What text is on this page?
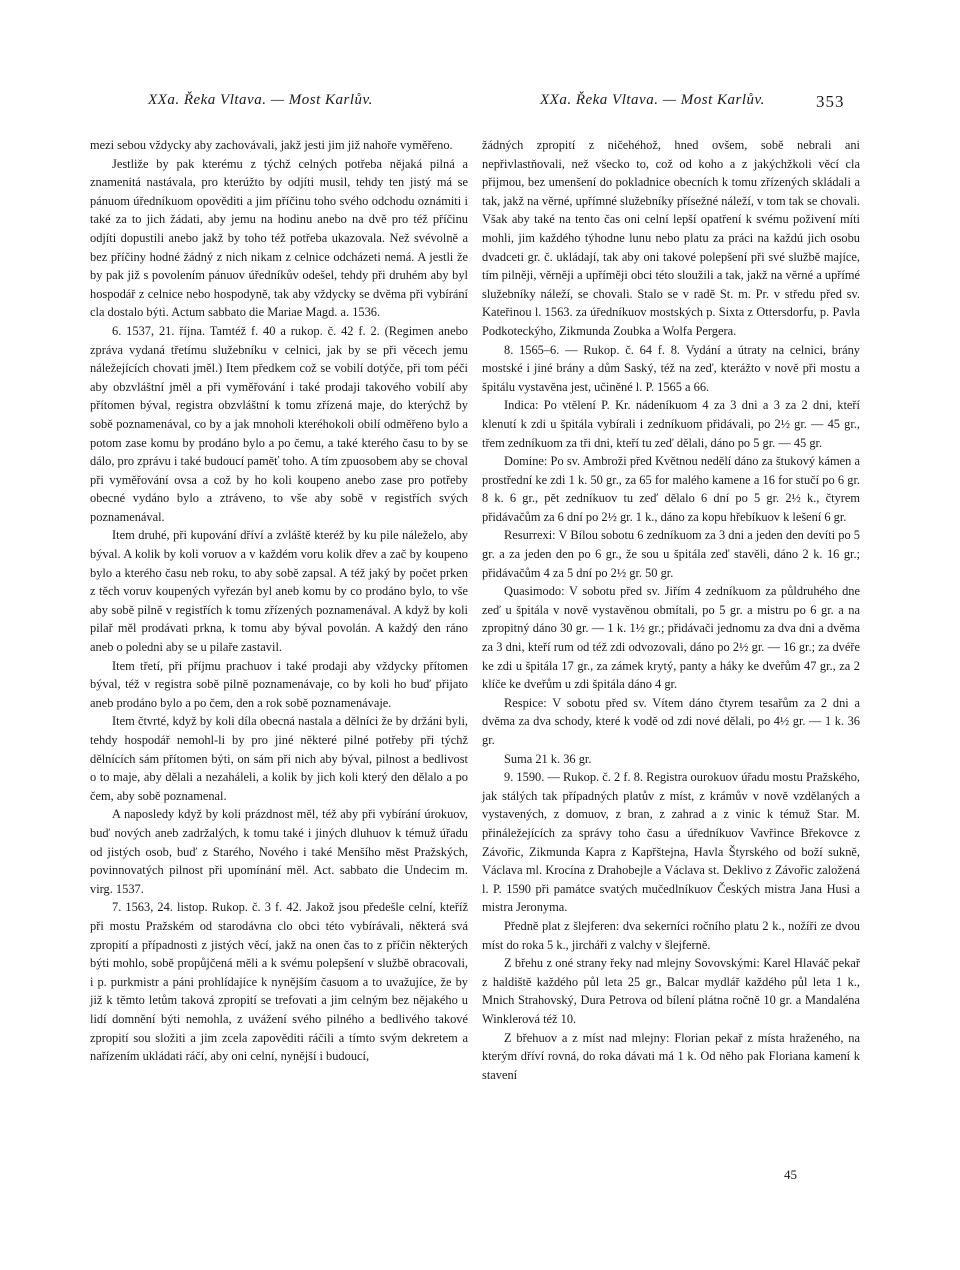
XXa. Řeka Vltava. — Most Karlův.	XXa. Řeka Vltava. — Most Karlův.	353

mezi sebou vždycky aby zachovávali, jakž jesti jim již nahoře vyměřeno.

Jestliže by pak kterému z týchž celných potřeba nějaká pilná a znamenitá nastávala, pro kterúžto by odjíti musil, tehdy ten jistý má se pánuom úředníkuom opověditi a jim příčinu toho svého odchodu oznámiti i také za to jich žádati, aby jemu na hodinu anebo na dvě pro též příčinu odjíti dopustili anebo jakž by toho též potřeba ukazovala. Než svévolně a bez příčiny hodné žádný z nich nikam z celnice odcházeti nemá. A jestli že by pak již s povolením pánuov úředníkův odešel, tehdy při druhém aby byl hospodář z celnice nebo hospodyně, tak aby vždycky se dvěma při vybírání cla dostalo býti. Actum sabbato die Mariae Magd. a. 1536.

6. 1537, 21. října. Tamtéž f. 40 a rukop. č. 42 f. 2. (Regimen anebo zpráva vydaná třetímu služebníku v celnici, jak by se při věcech jemu náležejících chovati jměl.) Item předkem což se vobilí dotýče, při tom péči aby obzvláštní jměl a při vyměřování i také prodaji takového vobilí aby přítomen býval, registra obzvláštní k tomu zřízená maje, do kterýchž by sobě poznamenával, co by a jak mnoholi kteréhokoli obilí odměřeno bylo a potom zase komu by prodáno bylo a po čemu, a také kterého času to by se dálo, pro zprávu i také budoucí paměť toho. A tím zpuosobem aby se choval při vyměřování ovsa a což by ho koli koupeno anebo zase pro potřeby obecné vydáno bylo a ztráveno, to vše aby sobě v registřích svých poznamenával.

Item druhé, při kupování dříví a zvláště kteréž by ku pile náleželo, aby býval. A kolik by koli voruov a v každém voru kolik dřev a zač by koupeno bylo a kterého času neb roku, to aby sobě zapsal. A též jaký by počet prken z těch voruv koupených vyřezán byl aneb komu by co prodáno bylo, to vše aby sobě pilně v registřích k tomu zřízených poznamenával. A když by koli pilař měl prodávati prkna, k tomu aby býval povolán. A každý den ráno aneb o poledni aby se u pilaře zastavil.

Item třetí, při příjmu prachuov i také prodaji aby vždycky přítomen býval, též v registra sobě pilně poznamenávaje, co by koli ho buď přijato aneb prodáno bylo a po čem, den a rok sobě poznamenávaje.

Item čtvrté, když by koli díla obecná nastala a dělníci že by držáni byli, tehdy hospodář nemohl-li by pro jiné některé pilné potřeby při týchž dělnících sám přítomen býti, on sám při nich aby býval, pilnost a bedlivost o to maje, aby dělali a nezaháleli, a kolik by jich koli který den dělalo a po čem, aby sobě poznamenal.

A naposledy když by koli prázdnost měl, též aby při vybírání úrokuov, buď nových aneb zadržalých, k tomu také i jiných dluhuov k témuž úřadu od jistých osob, buď z Starého, Nového i také Menšího měst Pražských, povinnovatých pilnost při upomínání měl. Act. sabbato die Undecim m. virg. 1537.

7. 1563, 24. listop. Rukop. č. 3 f. 42. Jakož jsou předešle celní, kteříž při mostu Pražském od starodávna clo obci této vybírávali, některá svá zpropití a případnosti z jistých věcí, jakž na onen čas to z příčin některých býti mohlo, sobě propůjčená měli a k svému polepšení v službě obracovali, i p. purkmistr a páni prohlídajíce k nynějším časuom a to uvažujíce, že by již k těmto letům taková zpropití se trefovati a jim celným bez nějakého u lidí domnění býti nemohla, z uvážení svého pilného a bedlivého takové zpropití sou složiti a jim zcela zapověditi ráčili a tímto svým dekretem a nařízením ukládati ráčí, aby oni celní, nynější i budoucí,

žádných zpropití z ničehéhož, hned ovšem, sobě nebrali ani nepřivlastňovali, než všecko to, což od koho a z jakýchžkoli věcí cla přijmou, bez umenšení do pokladnice obecních k tomu zřízených skládali a tak, jakž na věrné, upřímné služebníky přísežné náleží, v tom tak se chovali. Však aby také na tento čas oni celní lepší opatření k svému poživení míti mohli, jim každého týhodne lunu nebo platu za práci na každú jich osobu dvadceti gr. č. ukládají, tak aby oni takové polepšení při své službě majíce, tím pilněji, věrněji a upříměji obci této sloužili a tak, jakž na věrné a upřímé služebníky náleží, se chovali. Stalo se v radě St. m. Pr. v středu před sv. Kateřinou l. 1563. za úředníkuov mostských p. Sixta z Ottersdorfu, p. Pavla Podkoteckýho, Zikmunda Zoubka a Wolfa Pergera.

8. 1565–6. — Rukop. č. 64 f. 8. Vydání a útraty na celnici, brány mostské i jiné brány a dům Saský, též na zeď, kterážto v nově při mostu a špitálu vystavěna jest, učiněné l. P. 1565 a 66.

Indica: Po vtělení P. Kr. nádeníkuom 4 za 3 dni a 3 za 2 dni, kteří klenutí k zdi u špitála vybírali i zedníkuom přidávali, po 2½ gr. — 45 gr., třem zedníkuom za tři dni, kteří tu zeď dělali, dáno po 5 gr. — 45 gr.

Domine: Po sv. Ambroži před Květnou nedělí dáno za štukový kámen a prostřední ke zdi 1 k. 50 gr., za 65 for malého kamene a 16 for stučí po 6 gr. 8 k. 6 gr., pět zedníkuov tu zeď dělalo 6 dní po 5 gr. 2½ k., čtyrem přidávačům za 6 dní po 2½ gr. 1 k., dáno za kopu hřebíkuov k lešení 6 gr.

Resurrexi: V Bílou sobotu 6 zedníkuom za 3 dni a jeden den devíti po 5 gr. a za jeden den po 6 gr., že sou u špitála zeď stavěli, dáno 2 k. 16 gr.; přidávačům 4 za 5 dní po 2½ gr. 50 gr.

Quasimodo: V sobotu před sv. Jiřím 4 zedníkuom za půldruhého dne zeď u špitála v nově vystavěnou obmítali, po 5 gr. a mistru po 6 gr. a na zpropitný dáno 30 gr. — 1 k. 1½ gr.; přidávači jednomu za dva dni a dvěma za 3 dni, kteří rum od též zdi odvozovali, dáno po 2½ gr. — 16 gr.; za dvéře ke zdi u špitála 17 gr., za zámek krytý, panty a háky ke dveřům 47 gr., za 2 klíče ke dveřům u zdi špitála dáno 4 gr.

Respice: V sobotu před sv. Vítem dáno čtyrem tesařům za 2 dni a dvěma za dva schody, které k vodě od zdi nové dělali, po 4½ gr. — 1 k. 36 gr.

Suma 21 k. 36 gr.

9. 1590. — Rukop. č. 2 f. 8. Registra ourokuov úřadu mostu Pražského, jak stálých tak případných platův z míst, z krámův v nově vzdělaných a vystavených, z domuov, z bran, z zahrad a z vinic k témuž Star. M. přináležejících za správy toho času a úředníkuov Vavřince Břekovce z Závořic, Zikmunda Kapra z Kapřštejna, Havla Štyrského od boží sukně, Václava ml. Krocína z Drahobejle a Václava st. Deklivo z Závořic založená l. P. 1590 při památce svatých mučedlníkuov Českých mistra Jana Husi a mistra Jeronyma.

Předně plat z šlejferen: dva sekerníci ročního platu 2 k., nožíři ze dvou míst do roka 5 k., jircháři z valchy v šlejferně.

Z břehu z oné strany řeky nad mlejny Sovovskými: Karel Hlaváč pekař z haldiště každého půl leta 25 gr., Balcar mydlář každého půl leta 1 k., Mnich Strahovský, Dura Petrova od bílení plátna ročně 10 gr. a Mandaléna Winklerová též 10.

Z břehuov a z míst nad mlejny: Florian pekař z místa hraženého, na kterým dříví rovná, do roka dávati má 1 k. Od něho pak Floriana kamení k stavení

45
